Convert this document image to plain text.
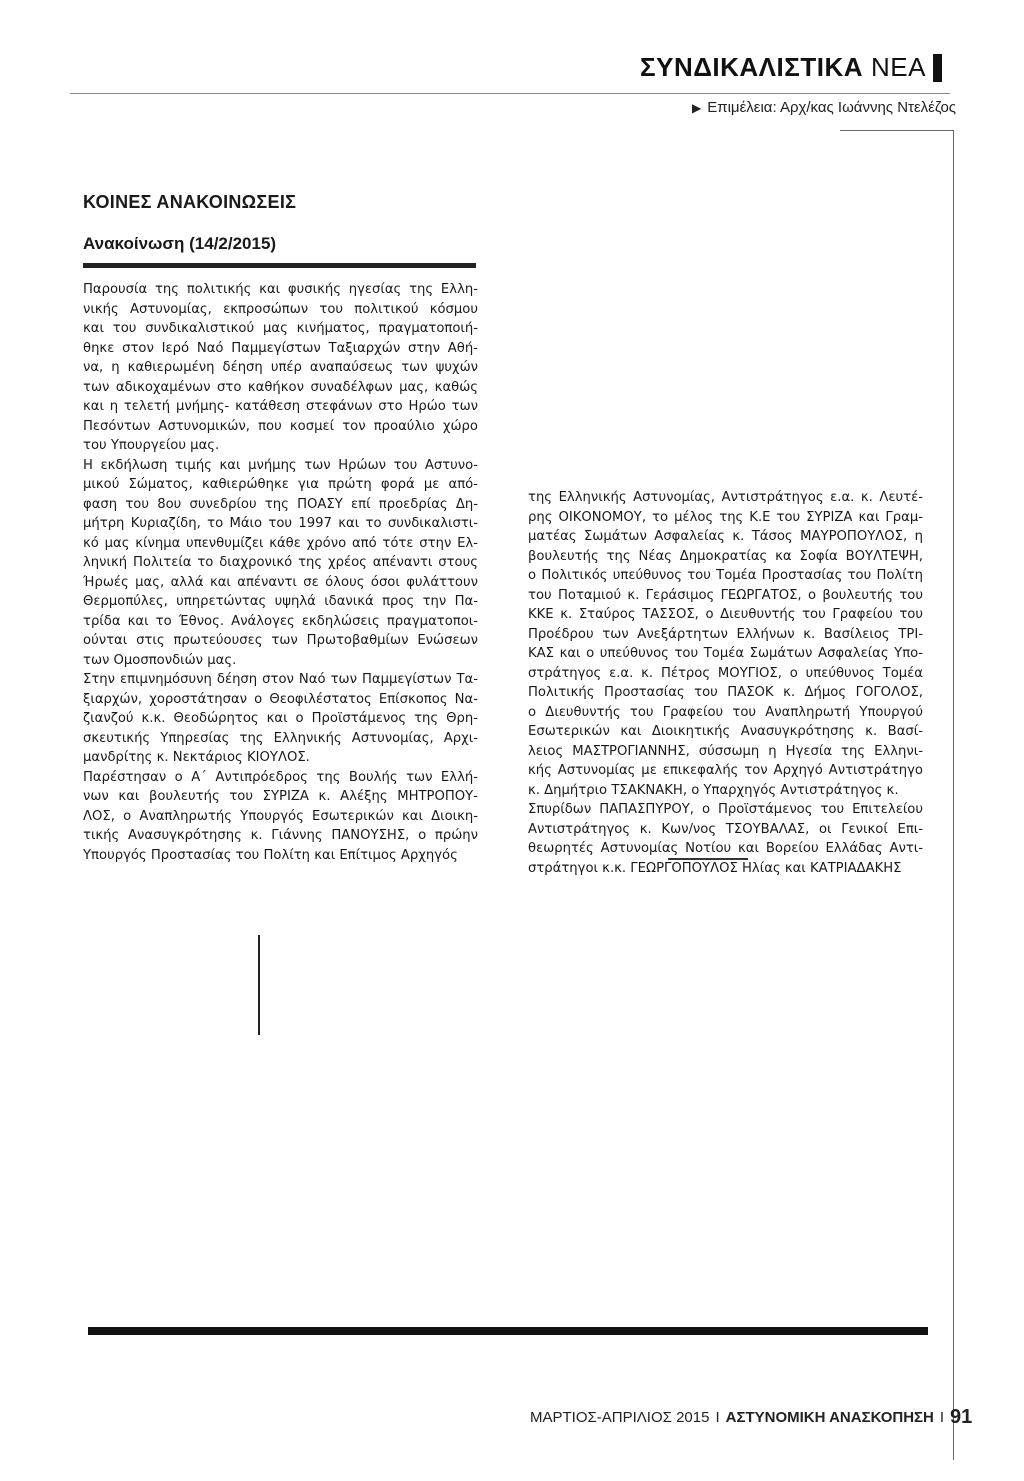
ΣΥΝΔΙΚΑΛΙΣΤΙΚΑ ΝΕΑ
▶ Επιμέλεια: Αρχ/κας Ιωάννης Ντελέζος
ΚΟΙΝΕΣ ΑΝΑΚΟΙΝΩΣΕΙΣ
Ανακοίνωση (14/2/2015)
Παρουσία της πολιτικής και φυσικής ηγεσίας της Ελλη-
νικής Αστυνομίας, εκπροσώπων του πολιτικού κόσμου
και του συνδικαλιστικού μας κινήματος, πραγματοποιή-
θηκε στον Ιερό Ναό Παμμεγίστων Ταξιαρχών στην Αθή-
να, η καθιερωμένη δέηση υπέρ αναπαύσεως των ψυχών
των αδικοχαμένων στο καθήκον συναδέλφων μας, καθώς
και η τελετή μνήμης- κατάθεση στεφάνων στο Ηρώο των
Πεσόντων Αστυνομικών, που κοσμεί τον προαύλιο χώρο
του Υπουργείου μας.
Η εκδήλωση τιμής και μνήμης των Ηρώων του Αστυνο-
μικού Σώματος, καθιερώθηκε για πρώτη φορά με από-
φαση του 8ου συνεδρίου της ΠΟΑΣΥ επί προεδρίας Δη-
μήτρη Κυριαζίδη, το Μάιο του 1997 και το συνδικαλιστι-
κό μας κίνημα υπενθυμίζει κάθε χρόνο από τότε στην Ελ-
ληνική Πολιτεία το διαχρονικό της χρέος απέναντι στους
Ήρωές μας, αλλά και απέναντι σε όλους όσοι φυλάττουν
Θερμοπύλες, υπηρετώντας υψηλά ιδανικά προς την Πα-
τρίδα και το Έθνος. Ανάλογες εκδηλώσεις πραγματοποι-
ούνται στις πρωτεύουσες των Πρωτοβαθμίων Ενώσεων
των Ομοσπονδιών μας.
Στην επιμνημόσυνη δέηση στον Ναό των Παμμεγίστων Τα-
ξιαρχών, χοροστάτησαν ο Θεοφιλέστατος Επίσκοπος Να-
ζιανζού κ.κ. Θεοδώρητος και ο Προϊστάμενος της Θρη-
σκευτικής Υπηρεσίας της Ελληνικής Αστυνομίας, Αρχι-
μανδρίτης κ. Νεκτάριος ΚΙΟΥΛΟΣ.
Παρέστησαν ο Α΄ Αντιπρόεδρος της Βουλής των Ελλή-
νων και βουλευτής του ΣΥΡΙΖΑ κ. Αλέξης ΜΗΤΡΟΠΟΥ-
ΛΟΣ, ο Αναπληρωτής Υπουργός Εσωτερικών και Διοικη-
τικής Ανασυγκρότησης κ. Γιάννης ΠΑΝΟΥΣΗΣ, ο πρώην
Υπουργός Προστασίας του Πολίτη και Επίτιμος Αρχηγός
της Ελληνικής Αστυνομίας, Αντιστράτηγος ε.α. κ. Λευτέ-
ρης ΟΙΚΟΝΟΜΟΥ, το μέλος της Κ.Ε του ΣΥΡΙΖΑ και Γραμ-
ματέας Σωμάτων Ασφαλείας κ. Τάσος ΜΑΥΡΟΠΟΥΛΟΣ, η
βουλευτής της Νέας Δημοκρατίας κα Σοφία ΒΟΥΛΤΕΨΗ,
ο Πολιτικός υπεύθυνος του Τομέα Προστασίας του Πολίτη
του Ποταμιού κ. Γεράσιμος ΓΕΩΡΓΑΤΟΣ, ο βουλευτής του
ΚΚΕ κ. Σταύρος ΤΑΣΣΟΣ, ο Διευθυντής του Γραφείου του
Προέδρου των Ανεξάρτητων Ελλήνων κ. Βασίλειος ΤΡΙ-
ΚΑΣ και ο υπεύθυνος του Τομέα Σωμάτων Ασφαλείας Υπο-
στράτηγος ε.α. κ. Πέτρος ΜΟΥΓΙΟΣ, ο υπεύθυνος Τομέα
Πολιτικής Προστασίας του ΠΑΣΟΚ κ. Δήμος ΓΟΓΟΛΟΣ,
ο Διευθυντής του Γραφείου του Αναπληρωτή Υπουργού
Εσωτερικών και Διοικητικής Ανασυγκρότησης κ. Βασί-
λειος ΜΑΣΤΡΟΓΙΑΝΝΗΣ, σύσσωμη η Ηγεσία της Ελληνι-
κής Αστυνομίας με επικεφαλής τον Αρχηγό Αντιστράτηγο
κ. Δημήτριο ΤΣΑΚΝΑΚΗ, ο Υπαρχηγός Αντιστράτηγος κ.
Σπυρίδων ΠΑΠΑΣΠΥΡΟΥ, ο Προϊστάμενος του Επιτελείου
Αντιστράτηγος κ. Κων/νος ΤΣΟΥΒΑΛΑΣ, οι Γενικοί Επι-
θεωρητές Αστυνομίας Νοτίου και Βορείου Ελλάδας Αντι-
στράτηγοι κ.κ. ΓΕΩΡΓΟΠΟΥΛΟΣ Ηλίας και ΚΑΤΡΙΑΔΑΚΗΣ
ΜΑΡΤΙΟΣ-ΑΠΡΙΛΙΟΣ 2015 I ΑΣΤΥΝΟΜΙΚΗ ΑΝΑΣΚΟΠΗΣΗ I 91
